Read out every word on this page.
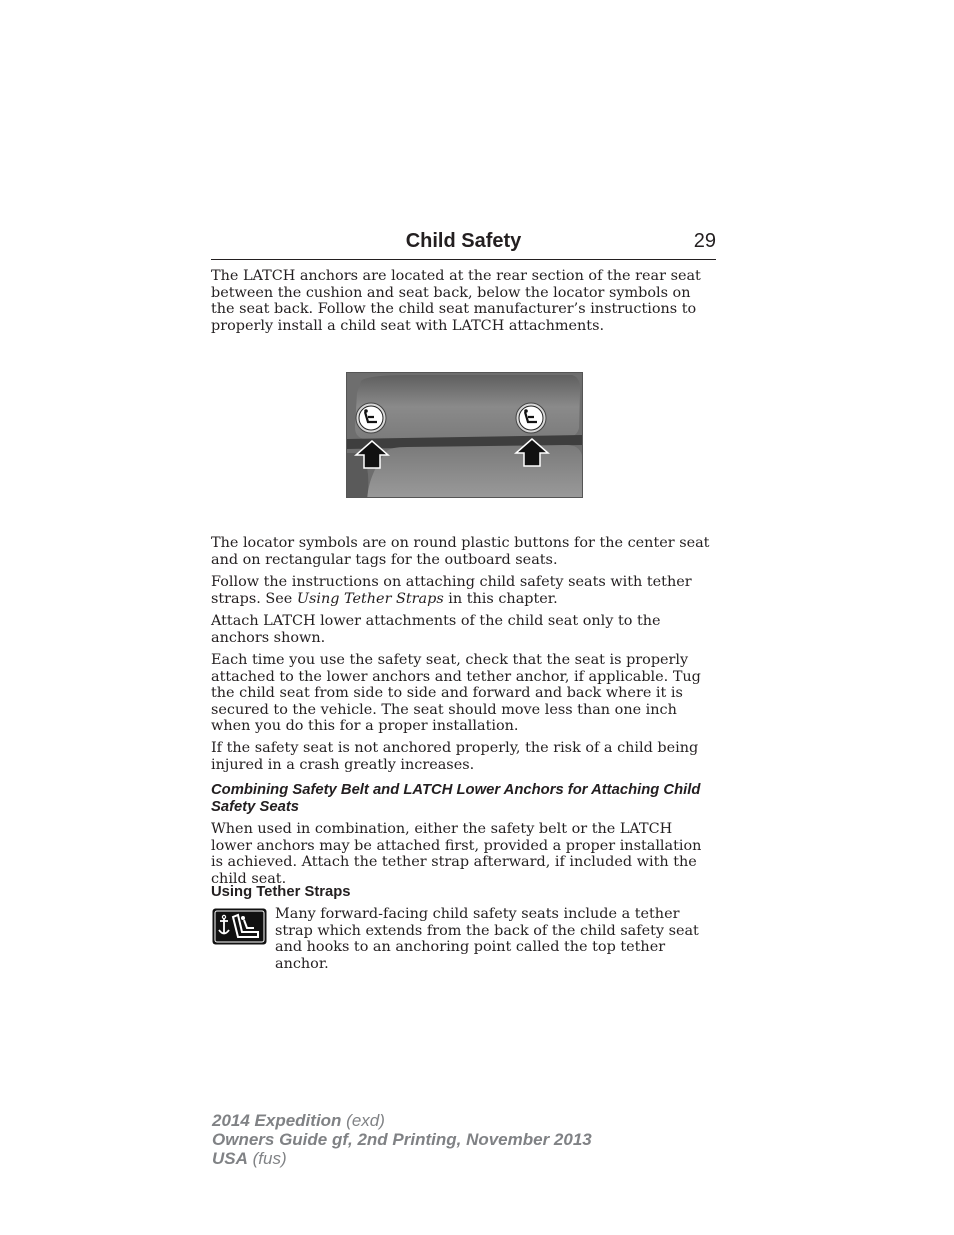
Child Safety	29

The LATCH anchors are located at the rear section of the rear seat between the cushion and seat back, below the locator symbols on the seat back. Follow the child seat manufacturer’s instructions to properly install a child seat with LATCH attachments.

The locator symbols are on round plastic buttons for the center seat and on rectangular tags for the outboard seats.

Follow the instructions on attaching child safety seats with tether straps. See Using Tether Straps in this chapter.

Attach LATCH lower attachments of the child seat only to the anchors shown.

Each time you use the safety seat, check that the seat is properly attached to the lower anchors and tether anchor, if applicable. Tug the child seat from side to side and forward and back where it is secured to the vehicle. The seat should move less than one inch when you do this for a proper installation.

If the safety seat is not anchored properly, the risk of a child being injured in a crash greatly increases.

Combining Safety Belt and LATCH Lower Anchors for Attaching Child Safety Seats

When used in combination, either the safety belt or the LATCH lower anchors may be attached first, provided a proper installation is achieved. Attach the tether strap afterward, if included with the child seat.

Using Tether Straps

Many forward-facing child safety seats include a tether strap which extends from the back of the child safety seat and hooks to an anchoring point called the top tether anchor.

2014 Expedition (exd)
Owners Guide gf, 2nd Printing, November 2013
USA (fus)
